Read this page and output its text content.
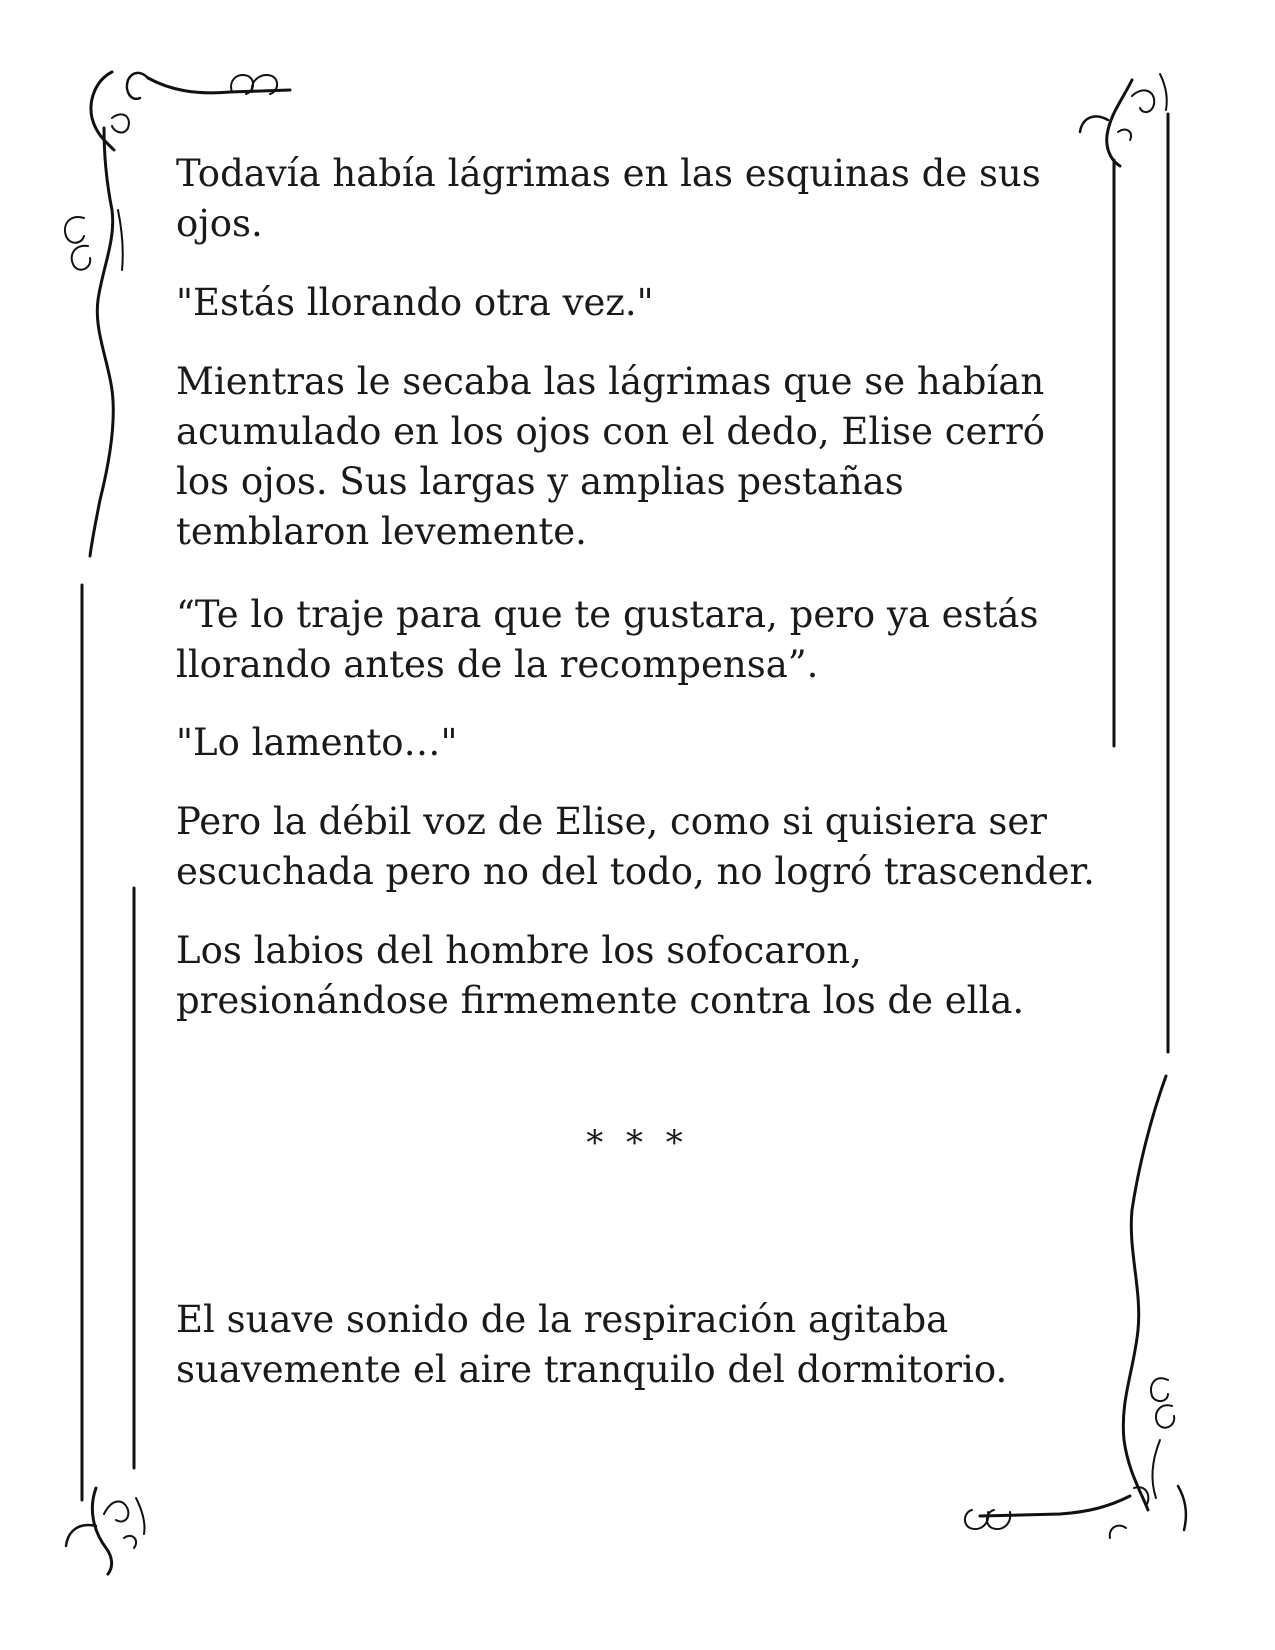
Todavía había lágrimas en las esquinas de sus
ojos.
"Estás llorando otra vez."
Mientras le secaba las lágrimas que se habían
acumulado en los ojos con el dedo, Elise cerró
los ojos. Sus largas y amplias pestañas
temblaron levemente.
“Te lo traje para que te gustara, pero ya estás
llorando antes de la recompensa”.
"Lo lamento…"
Pero la débil voz de Elise, como si quisiera ser
escuchada pero no del todo, no logró trascender.
Los labios del hombre los sofocaron,
presionándose firmemente contra los de ella.
* * *
El suave sonido de la respiración agitaba
suavemente el aire tranquilo del dormitorio.
